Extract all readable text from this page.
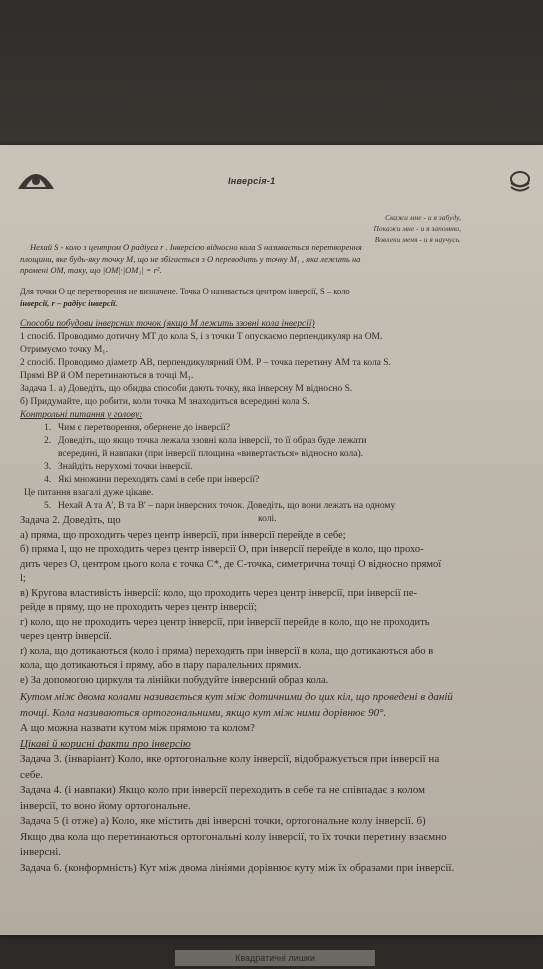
Квадратичні лишки
Інверсія-1
Скажи мне - и я забуду,
Покажи мне - и я запомню,
Вовлеки меня - и я научусь.
Нехай S - коло з центром O радіуса r . Інверсією відносно кола S називається перетворення
площини, яке будь-яку точку M, що не збігається з O переводить у точку M₁ , яка лежить на
промені OM, таку, що |OM|·|OM₁| = r².
Для точки O це перетворення не визначене. Точка O називається центром інверсії, S – коло
інверсії, r – радіус інверсії.
Способи побудови інверсних точок (якщо M лежить ззовні кола інверсії)
1 спосіб. Проводимо дотичну MT до кола S, і з точки T опускаємо перпендикуляр на OM.
Отримуємо точку M₁.
2 спосіб. Проводимо діаметр AB, перпендикулярний OM. P – точка перетину AM та кола S.
Прямі BP й OM перетинаються в точці M₁.
Задача 1. а) Доведіть, що обидва способи дають точку, яка інверсну M відносно S.
б) Придумайте, що робити, коли точка M знаходиться всередині кола S.
Контрольні питання у голову:
1. Чим є перетворення, обернене до інверсії?
2. Доведіть, що якщо точка лежала ззовні кола інверсії, то її образ буде лежати
всередині, й навпаки (при інверсії площина «вивертається» відносно кола).
3. Знайдіть нерухомі точки інверсії.
4. Які множини переходять самі в себе при інверсії?
Це питання взагалі дуже цікаве.
5. Нехай A та A', B та B' – пари інверсних точок. Доведіть, що вони лежать на одному
колі.
Задача 2. Доведіть, що
а) пряма, що проходить через центр інверсії, при інверсії перейде в себе;
б) пряма l, що не проходить через центр інверсії O, при інверсії перейде в коло, що прохо-
дить через O, центром цього кола є точка C*, де C-точка, симетрична точці O відносно прямої
l;
в) Кругова властивість інверсії: коло, що проходить через центр інверсії, при інверсії пе-
рейде в пряму, що не проходить через центр інверсії;
г) коло, що не проходить через центр інверсії, при інверсії перейде в коло, що не проходить
через центр інверсії.
ґ) кола, що дотикаються (коло і пряма) переходять при інверсії в кола, що дотикаються або в
кола, що дотикаються і пряму, або в пару паралельних прямих.
е) За допомогою циркуля та лінійки побудуйте інверсний образ кола.
Кутом між двома колами називається кут між дотичними до цих кіл, що проведені в даній
точці. Кола називаються ортогональними, якщо кут між ними дорівнює 90°.
А що можна назвати кутом між прямою та колом?
Цікаві й корисні факти про інверсію
Задача 3. (інваріант) Коло, яке ортогональне колу інверсії, відображується при інверсії на
себе.
Задача 4. (і навпаки) Якщо коло при інверсії переходить в себе та не співпадає з колом
інверсії, то воно йому ортогональне.
Задача 5 (і отже) а) Коло, яке містить дві інверсні точки, ортогональне колу інверсії. б)
Якщо два кола що перетинаються ортогональні колу інверсії, то їх точки перетину взаємно
інверсні.
Задача 6. (конформність) Кут між двома лініями дорівнює куту між їх образами при інверсії.
